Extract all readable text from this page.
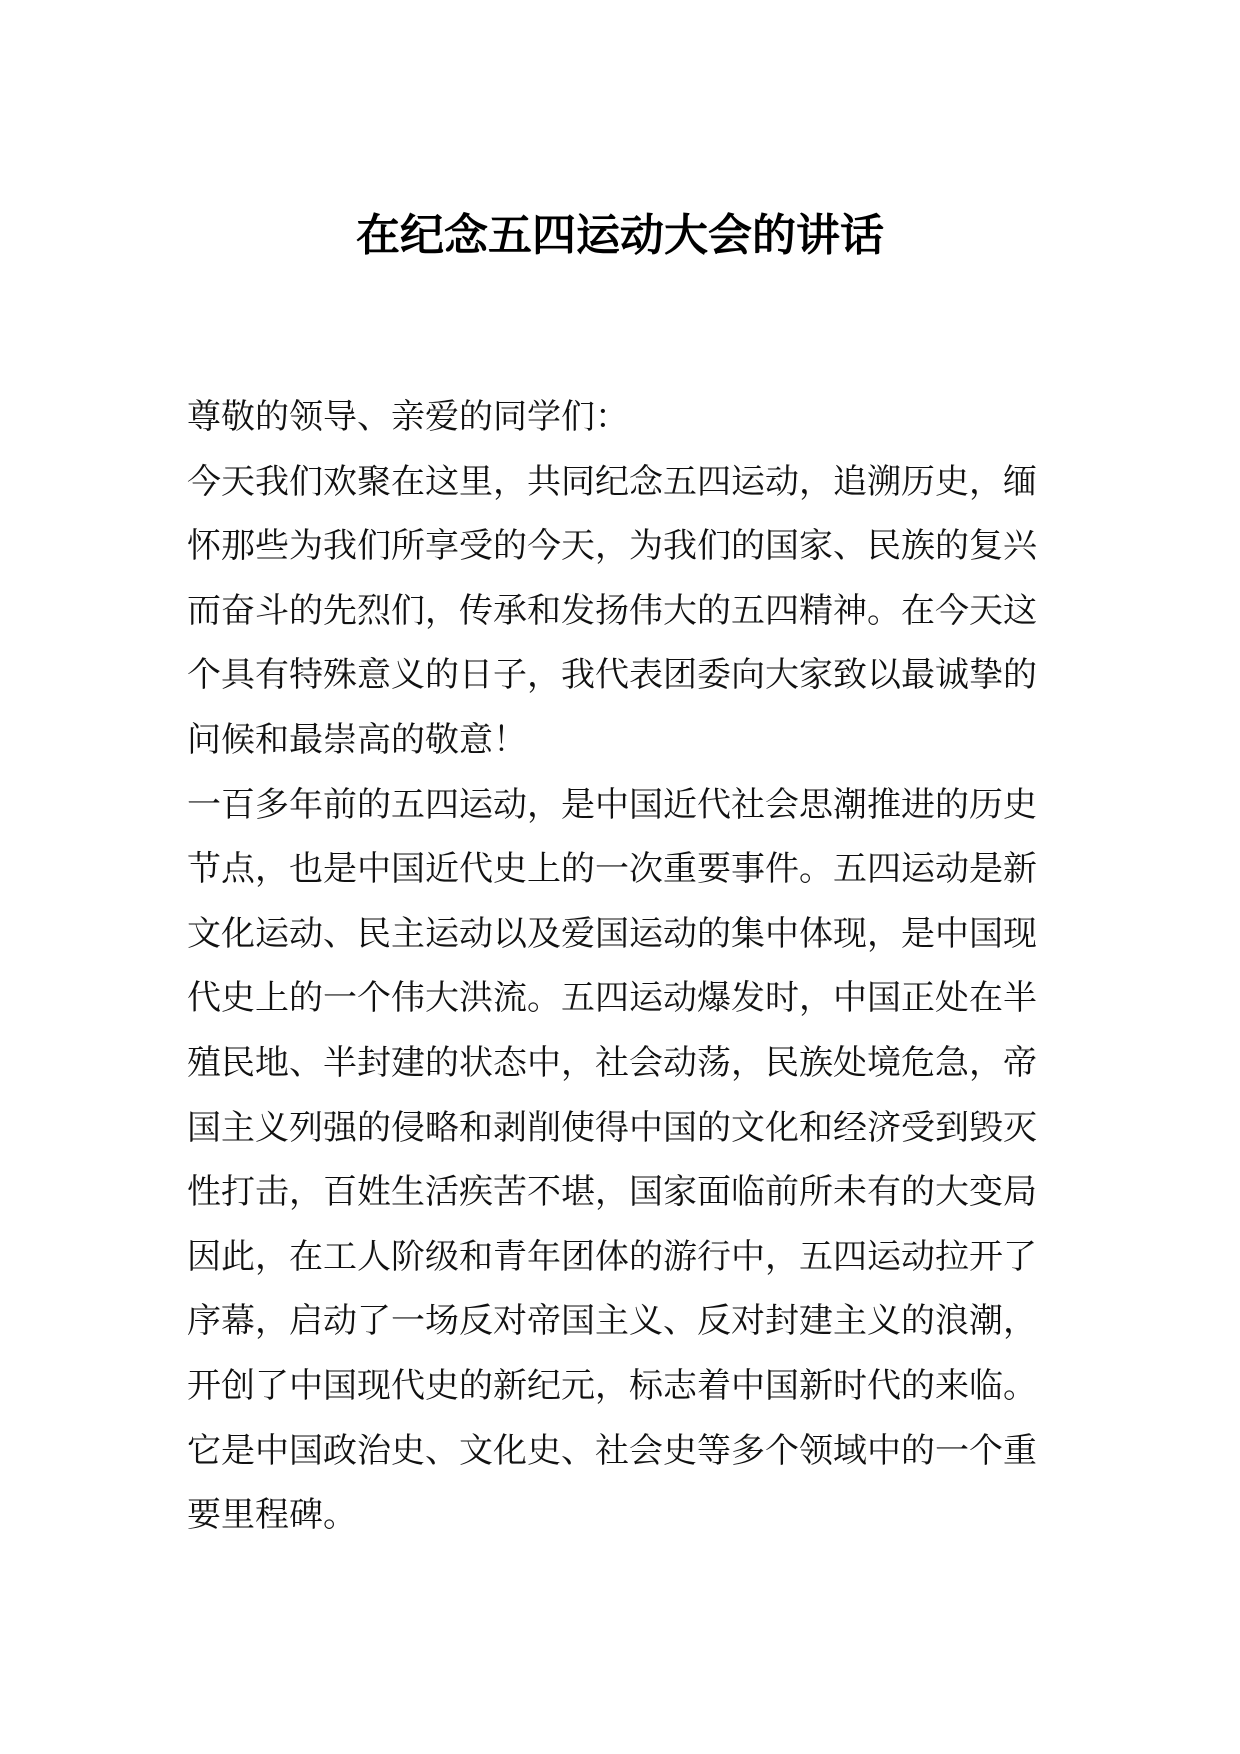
在纪念五四运动大会的讲话
尊敬的领导、亲爱的同学们：
今天我们欢聚在这里，共同纪念五四运动，追溯历史，缅
怀那些为我们所享受的今天，为我们的国家、民族的复兴
而奋斗的先烈们，传承和发扬伟大的五四精神。在今天这
个具有特殊意义的日子，我代表团委向大家致以最诚挚的
问候和最崇高的敬意！
一百多年前的五四运动，是中国近代社会思潮推进的历史
节点，也是中国近代史上的一次重要事件。五四运动是新
文化运动、民主运动以及爱国运动的集中体现，是中国现
代史上的一个伟大洪流。五四运动爆发时，中国正处在半
殖民地、半封建的状态中，社会动荡，民族处境危急，帝
国主义列强的侵略和剥削使得中国的文化和经济受到毁灭
性打击，百姓生活疾苦不堪，国家面临前所未有的大变局
因此，在工人阶级和青年团体的游行中，五四运动拉开了
序幕，启动了一场反对帝国主义、反对封建主义的浪潮，
开创了中国现代史的新纪元，标志着中国新时代的来临。
它是中国政治史、文化史、社会史等多个领域中的一个重
要里程碑。
